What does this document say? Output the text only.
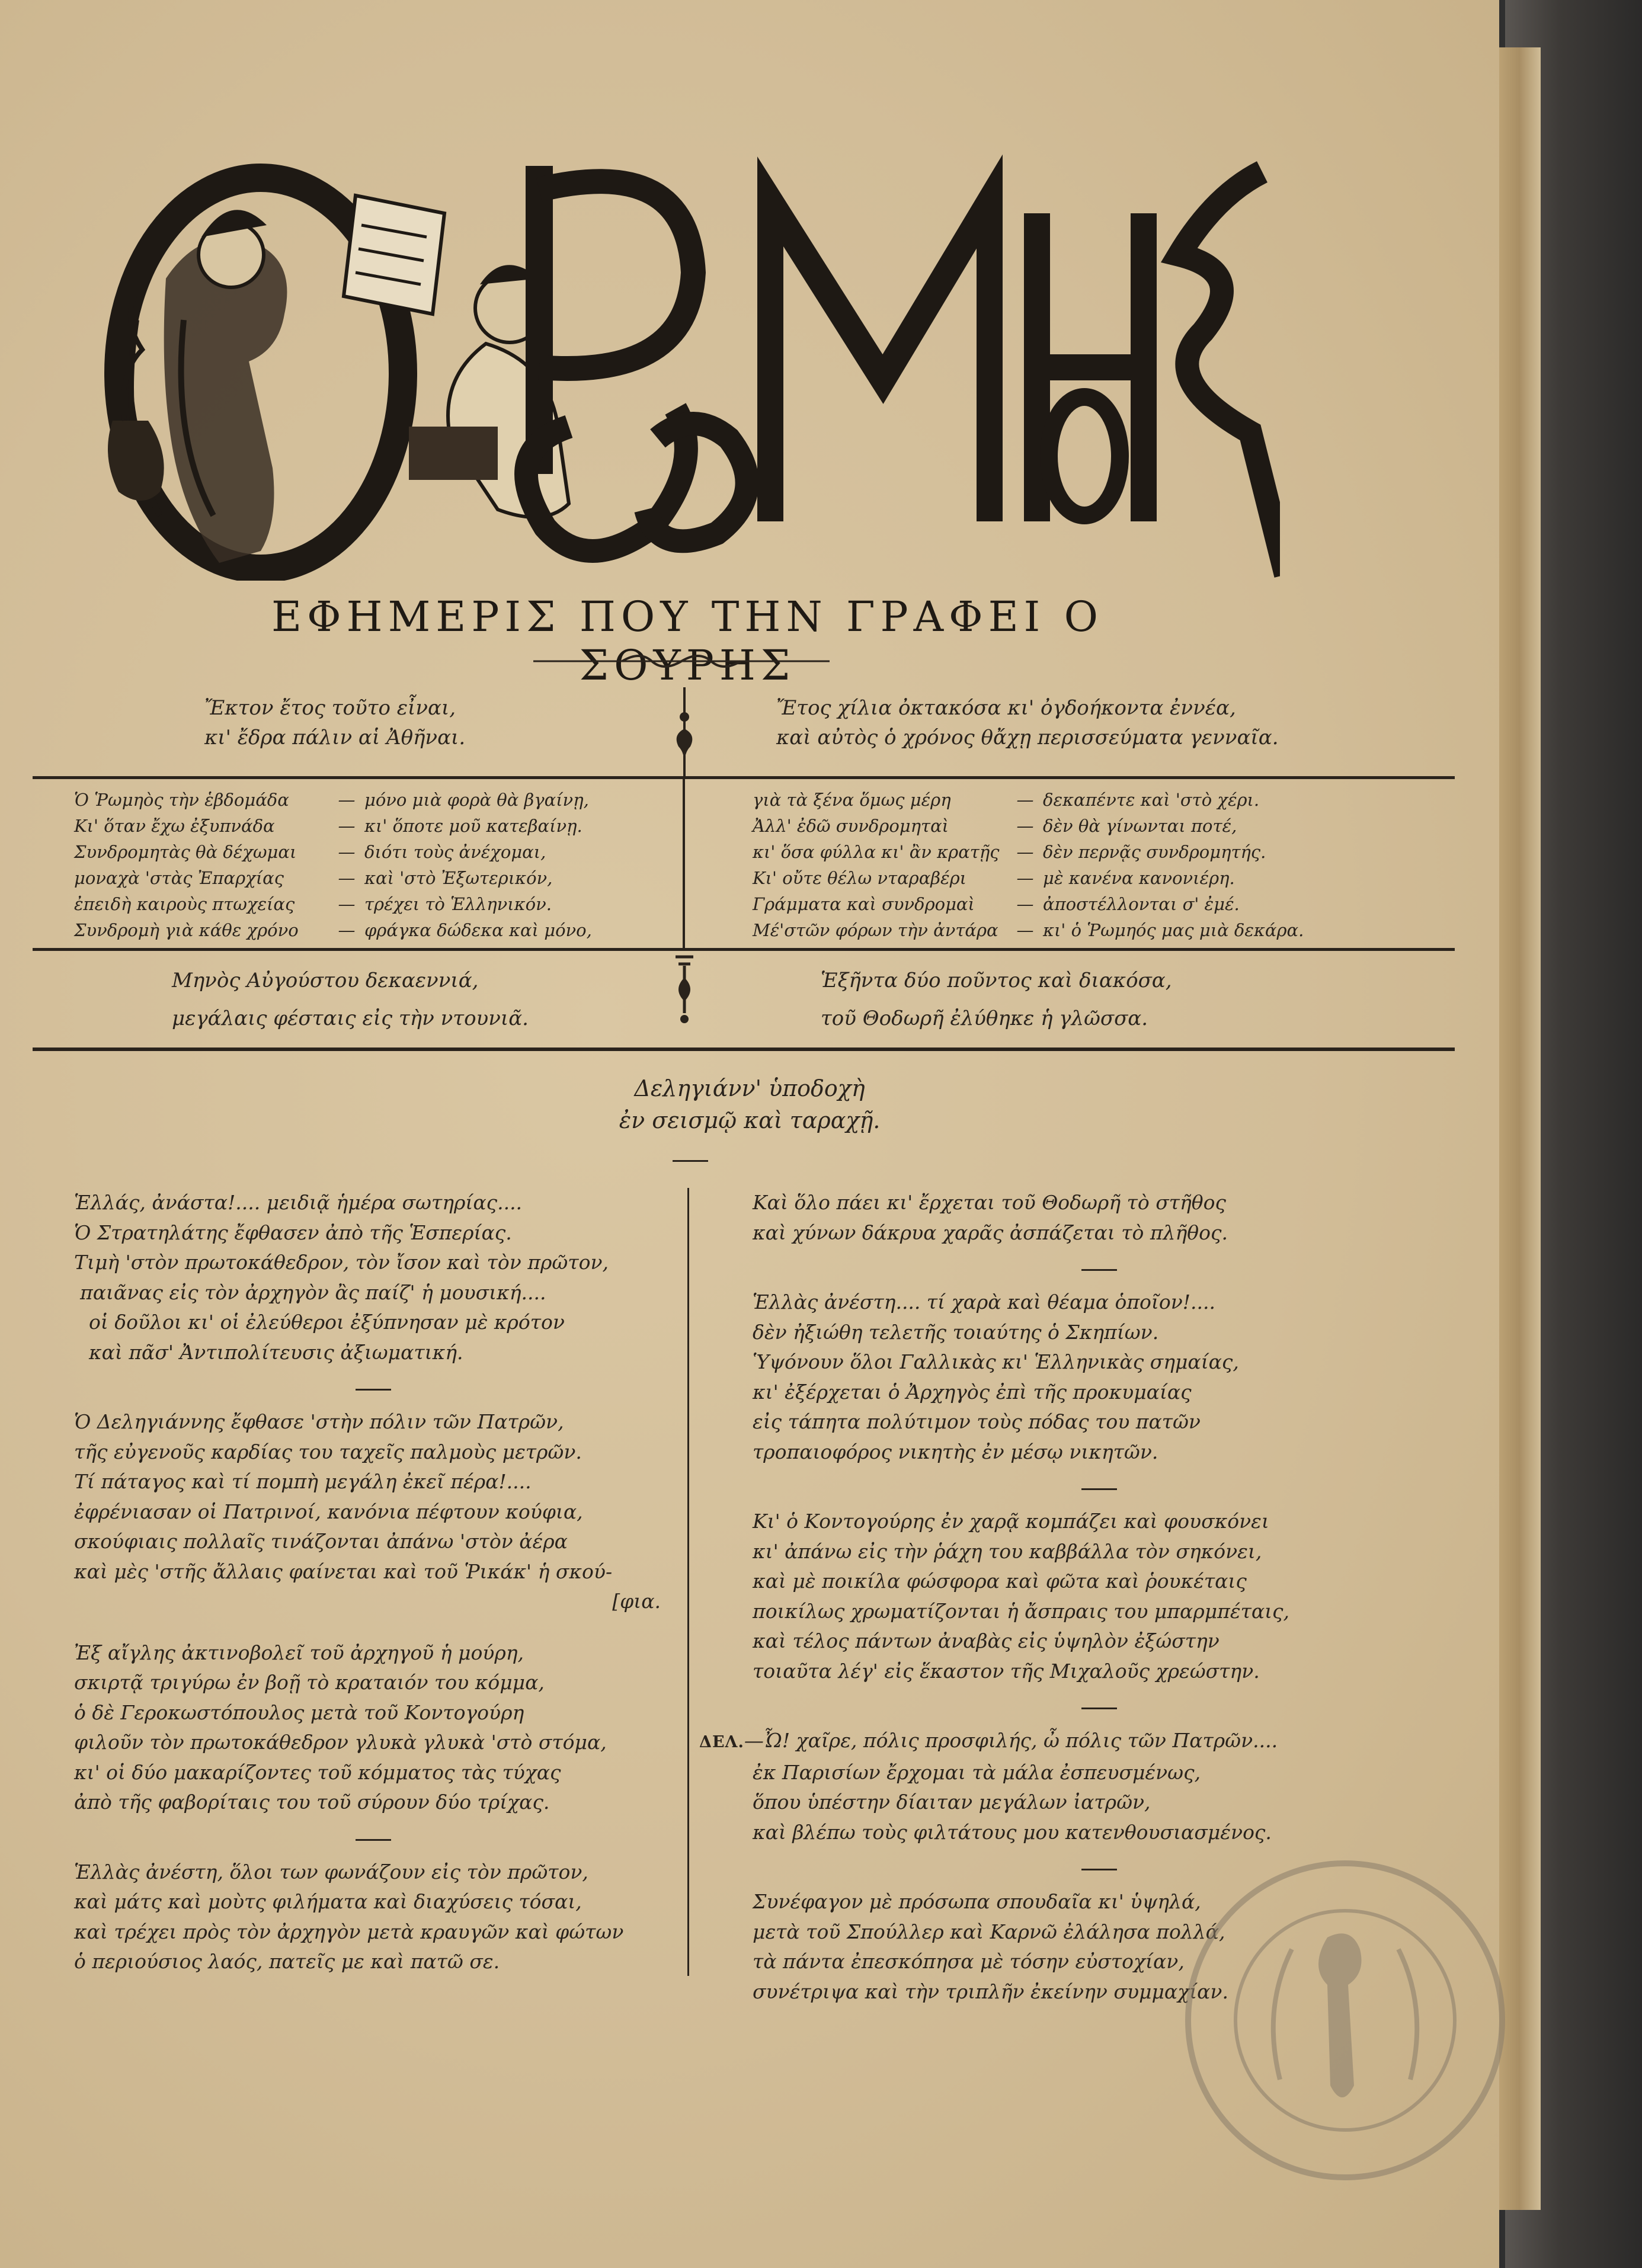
ΕΦΗΜΕΡΙΣ ΠΟΥ ΤΗΝ ΓΡΑΦΕΙ Ο ΣΟΥΡΗΣ
Ἔκτον ἔτος τοῦτο εἶναι,
κι' ἔδρα πάλιν αἱ Ἀθῆναι.
Ἔτος χίλια ὀκτακόσα κι' ὀγδοήκοντα ἐννέα,
καὶ αὐτὸς ὁ χρόνος θἄχῃ περισσεύματα γενναῖα.
Ὁ Ῥωμηὸς τὴν ἑβδομάδα	— μόνο μιὰ φορὰ θὰ βγαίνῃ,
Κι' ὅταν ἔχω ἐξυπνάδα	— κι' ὅποτε μοῦ κατεβαίνῃ.
Συνδρομητὰς θὰ δέχωμαι	— διότι τοὺς ἀνέχομαι,
μοναχὰ 'στὰς Ἐπαρχίας	— καὶ 'στὸ Ἐξωτερικόν,
ἐπειδὴ καιροὺς πτωχείας	— τρέχει τὸ Ἑλληνικόν.
Συνδρομὴ γιὰ κάθε χρόνο	— φράγκα δώδεκα καὶ μόνο,
γιὰ τὰ ξένα ὅμως μέρη	— δεκαπέντε καὶ 'στὸ χέρι.
Ἀλλ' ἐδῶ συνδρομηταὶ	— δὲν θὰ γίνωνται ποτέ,
κι' ὅσα φύλλα κι' ἂν κρατῇς	— δὲν περνᾷς συνδρομητής.
Κι' οὔτε θέλω νταραβέρι	— μὲ κανένα κανονιέρη.
Γράμματα καὶ συνδρομαὶ	— ἀποστέλλονται σ' ἐμέ.
Μέ'στῶν φόρων τὴν ἀντάρα	— κι' ὁ Ῥωμηός μας μιὰ δεκάρα.
Μηνὸς Αὐγούστου δεκαεννιά,
μεγάλαις φέσταις εἰς τὴν ντουνιᾶ.
Ἑξῆντα δύο ποῦντος καὶ διακόσα,
τοῦ Θοδωρῆ ἐλύθηκε ἡ γλῶσσα.
Δεληγιάνν' ὑποδοχὴ
ἐν σεισμῷ καὶ ταραχῇ.
Ἑλλάς, ἀνάστα!.... μειδιᾷ ἡμέρα σωτηρίας....
Ὁ Στρατηλάτης ἔφθασεν ἀπὸ τῆς Ἑσπερίας.
Τιμὴ 'στὸν πρωτοκάθεδρον, τὸν ἴσον καὶ τὸν πρῶτον,
παιᾶνας εἰς τὸν ἀρχηγὸν ἂς παίζ' ἡ μουσική....
οἱ δοῦλοι κι' οἱ ἐλεύθεροι ἐξύπνησαν μὲ κρότον
καὶ πᾶσ' Ἀντιπολίτευσις ἀξιωματική.
Ὁ Δεληγιάννης ἔφθασε 'στὴν πόλιν τῶν Πατρῶν,
τῆς εὐγενοῦς καρδίας του ταχεῖς παλμοὺς μετρῶν.
Τί πάταγος καὶ τί πομπὴ μεγάλη ἐκεῖ πέρα!....
ἐφρένιασαν οἱ Πατρινοί, κανόνια πέφτουν κούφια,
σκούφιαις πολλαῖς τινάζονται ἀπάνω 'στὸν ἀέρα
καὶ μὲς 'στῆς ἄλλαις φαίνεται καὶ τοῦ Ῥικάκ' ἡ σκού-
[φια.
Ἐξ αἴγλης ἀκτινοβολεῖ τοῦ ἀρχηγοῦ ἡ μούρη,
σκιρτᾷ τριγύρω ἐν βοῇ τὸ κραταιόν του κόμμα,
ὁ δὲ Γεροκωστόπουλος μετὰ τοῦ Κοντογούρη
φιλοῦν τὸν πρωτοκάθεδρον γλυκὰ γλυκὰ 'στὸ στόμα,
κι' οἱ δύο μακαρίζοντες τοῦ κόμματος τὰς τύχας
ἀπὸ τῆς φαβορίταις του τοῦ σύρουν δύο τρίχας.
Ἑλλὰς ἀνέστη, ὅλοι των φωνάζουν εἰς τὸν πρῶτον,
καὶ μάτς καὶ μοὺτς φιλήματα καὶ διαχύσεις τόσαι,
καὶ τρέχει πρὸς τὸν ἀρχηγὸν μετὰ κραυγῶν καὶ φώτων
ὁ περιούσιος λαός, πατεῖς με καὶ πατῶ σε.
Καὶ ὅλο πάει κι' ἔρχεται τοῦ Θοδωρῆ τὸ στῆθος
καὶ χύνων δάκρυα χαρᾶς ἀσπάζεται τὸ πλῆθος.
Ἑλλὰς ἀνέστη.... τί χαρὰ καὶ θέαμα ὁποῖον!....
δὲν ἠξιώθη τελετῆς τοιαύτης ὁ Σκηπίων.
Ὑψόνουν ὅλοι Γαλλικὰς κι' Ἑλληνικὰς σημαίας,
κι' ἐξέρχεται ὁ Ἀρχηγὸς ἐπὶ τῆς προκυμαίας
εἰς τάπητα πολύτιμον τοὺς πόδας του πατῶν
τροπαιοφόρος νικητὴς ἐν μέσῳ νικητῶν.
Κι' ὁ Κοντογούρης ἐν χαρᾷ κομπάζει καὶ φουσκόνει
κι' ἀπάνω εἰς τὴν ῥάχη του καββάλλα τὸν σηκόνει,
καὶ μὲ ποικίλα φώσφορα καὶ φῶτα καὶ ῥουκέταις
ποικίλως χρωματίζονται ἡ ἄσπραις του μπαρμπέταις,
καὶ τέλος πάντων ἀναβὰς εἰς ὑψηλὸν ἐξώστην
τοιαῦτα λέγ' εἰς ἕκαστον τῆς Μιχαλοῦς χρεώστην.
ΔΕΛ.—Ὦ! χαῖρε, πόλις προσφιλής, ὦ πόλις τῶν Πατρῶν....
ἐκ Παρισίων ἔρχομαι τὰ μάλα ἐσπευσμένως,
ὅπου ὑπέστην δίαιταν μεγάλων ἰατρῶν,
καὶ βλέπω τοὺς φιλτάτους μου κατενθουσιασμένος.
Συνέφαγον μὲ πρόσωπα σπουδαῖα κι' ὑψηλά,
μετὰ τοῦ Σπούλλερ καὶ Καρνῶ ἐλάλησα πολλά,
τὰ πάντα ἐπεσκόπησα μὲ τόσην εὐστοχίαν,
συνέτριψα καὶ τὴν τριπλῆν ἐκείνην συμμαχίαν.
